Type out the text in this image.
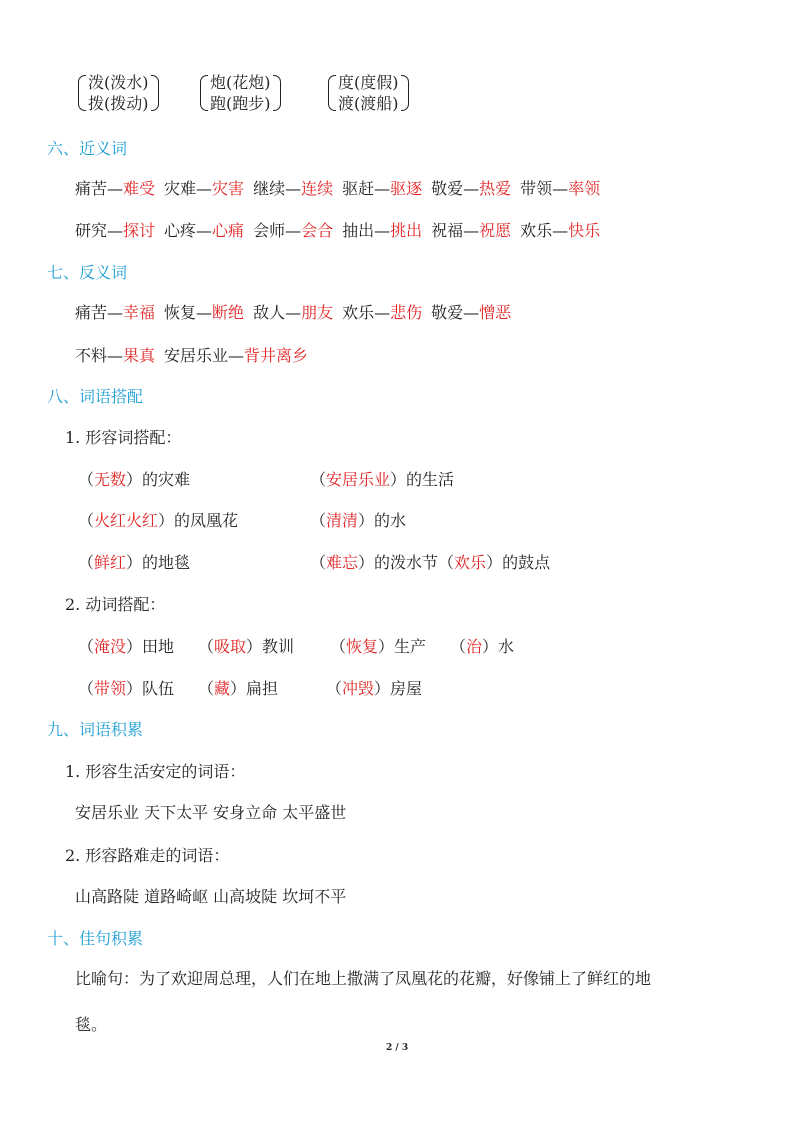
泼(泼水)
拨(拨动)
炮(花炮)
跑(跑步)
度(度假)
渡(渡船)
六、近义词
痛苦—难受 灾难—灾害 继续—连续 驱赶—驱逐 敬爱—热爱 带领—率领
研究—探讨 心疼—心痛 会师—会合 抽出—挑出 祝福—祝愿 欢乐—快乐
七、反义词
痛苦—幸福 恢复—断绝 敌人—朋友 欢乐—悲伤 敬爱—憎恶
不料—果真 安居乐业—背井离乡
八、词语搭配
1. 形容词搭配：
（无数）的灾难	（安居乐业）的生活
（火红火红）的凤凰花	（清清）的水
（鲜红）的地毯	（难忘）的泼水节（欢乐）的鼓点
2. 动词搭配：
（淹没）田地 （吸取）教训 （恢复）生产 （治）水
（带领）队伍 （藏）扁担	（冲毁）房屋
九、词语积累
1. 形容生活安定的词语：
安居乐业 天下太平 安身立命 太平盛世
2. 形容路难走的词语：
山高路陡 道路崎岖 山高坡陡 坎坷不平
十、佳句积累
比喻句：为了欢迎周总理，人们在地上撒满了凤凰花的花瓣，好像铺上了鲜红的地
毯。
2 / 3
